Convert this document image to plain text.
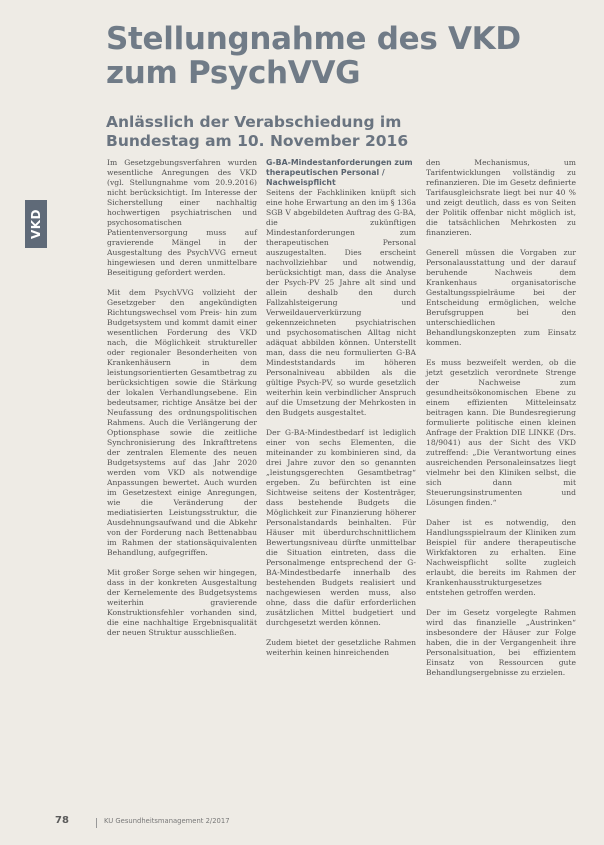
VKD
Stellungnahme des VKD zum PsychVVG
Anlässlich der Verabschiedung im Bundestag am 10. November 2016

Im Gesetzgebungsverfahren wurden wesentliche Anregungen des VKD (vgl. Stellungnahme vom 20.9.2016) nicht berücksichtigt. Im Interesse der Sicherstellung einer nachhaltig hochwertigen psychiatrischen und psychosomatischen Patientenversorgung muss auf gravierende Mängel in der Ausgestaltung des PsychVVG erneut hingewiesen und deren unmittelbare Beseitigung gefordert werden.

Mit dem PsychVVG vollzieht der Gesetzgeber den angekündigten Richtungswechsel vom Preis- hin zum Budgetsystem und kommt damit einer wesentlichen Forderung des VKD nach, die Möglichkeit struktureller oder regionaler Besonderheiten von Krankenhäusern in dem leistungsorientierten Gesamtbetrag zu berücksichtigen sowie die Stärkung der lokalen Verhandlungsebene. Ein bedeutsamer, richtige Ansätze bei der Neufassung des ordnungspolitischen Rahmens. Auch die Verlängerung der Optionsphase sowie die zeitliche Synchronisierung des Inkrafttretens der zentralen Elemente des neuen Budgetsystems auf das Jahr 2020 werden vom VKD als notwendige Anpassungen bewertet. Auch wurden im Gesetzestext einige Anregungen, wie die Veränderung der mediatisierten Leistungsstruktur, die Ausdehnungsaufwand und die Abkehr von der Forderung nach Bettenabbau im Rahmen der stationsäquivalenten Behandlung, aufgegriffen.

Mit großer Sorge sehen wir hingegen, dass in der konkreten Ausgestaltung der Kernelemente des Budgetsystems weiterhin gravierende Konstruktionsfehler vorhanden sind, die eine nachhaltige Ergebnisqualität der neuen Struktur ausschließen.

G-BA-Mindestanforderungen zum therapeutischen Personal / Nachweispflicht

Seitens der Fachkliniken knüpft sich eine hohe Erwartung an den im § 136a SGB V abgebildeten Auftrag des G-BA, die zukünftigen Mindestanforderungen zum therapeutischen Personal auszugestalten. Dies erscheint nachvollziehbar und notwendig, berücksichtigt man, dass die Analyse der Psych-PV 25 Jahre alt sind und allein deshalb den durch Fallzahlsteigerung und Verweildauerverkürzung gekennzeichneten psychiatrischen und psychosomatischen Alltag nicht adäquat abbilden können. Unterstellt man, dass die neu formulierten G-BA Mindeststandards im höheren Personalniveau abbilden als die gültige Psych-PV, so wurde gesetzlich weiterhin kein verbindlicher Anspruch auf die Umsetzung der Mehrkosten in den Budgets ausgestaltet.

Der G-BA-Mindestbedarf ist lediglich einer von sechs Elementen, die miteinander zu kombinieren sind, da drei Jahre zuvor den so genannten „leistungsgerechten Gesamtbetrag“ ergeben. Zu befürchten ist eine Sichtweise seitens der Kostenträger, dass bestehende Budgets die Möglichkeit zur Finanzierung höherer Personalstandards beinhalten. Für Häuser mit überdurchschnittlichem Bewertungsniveau dürfte unmittelbar die Situation eintreten, dass die Personalmenge entsprechend der G-BA-Mindestbedarfe innerhalb des bestehenden Budgets realisiert und nachgewiesen werden muss, also ohne, dass die dafür erforderlichen zusätzlichen Mittel budgetiert und durchgesetzt werden können.

Zudem bietet der gesetzliche Rahmen weiterhin keinen hinreichenden

den Mechanismus, um Tarifentwicklungen vollständig zu refinanzieren. Die im Gesetz definierte Tarifausgleichsrate liegt bei nur 40 % und zeigt deutlich, dass es von Seiten der Politik offenbar nicht möglich ist, die tatsächlichen Mehrkosten zu finanzieren.

Generell müssen die Vorgaben zur Personalausstattung und der darauf beruhende Nachweis dem Krankenhaus organisatorische Gestaltungsspielräume bei der Entscheidung ermöglichen, welche Berufsgruppen bei den unterschiedlichen Behandlungskonzepten zum Einsatz kommen.

Es muss bezweifelt werden, ob die jetzt gesetzlich verordnete Strenge der Nachweise zum gesundheitsökonomischen Ebene zu einem effizienten Mitteleinsatz beitragen kann. Die Bundesregierung formulierte politische einen kleinen Anfrage der Fraktion DIE LINKE (Drs. 18/9041) aus der Sicht des VKD zutreffend: „Die Verantwortung eines ausreichenden Personaleinsatzes liegt vielmehr bei den Kliniken selbst, die sich dann mit Steuerungsinstrumenten und Lösungen finden.“

Daher ist es notwendig, den Handlungsspielraum der Kliniken zum Beispiel für andere therapeutische Wirkfaktoren zu erhalten. Eine Nachweispflicht sollte zugleich erlaubt, die bereits im Rahmen der Krankenhausstrukturgesetzes entstehen getroffen werden.

Der im Gesetz vorgelegte Rahmen wird das finanzielle „Austrinken“ insbesondere der Häuser zur Folge haben, die in der Vergangenheit ihre Personalsituation, bei effizientem Einsatz von Ressourcen gute Behandlungsergebnisse zu erzielen.

78	KU Gesundheitsmanagement 2/2017
